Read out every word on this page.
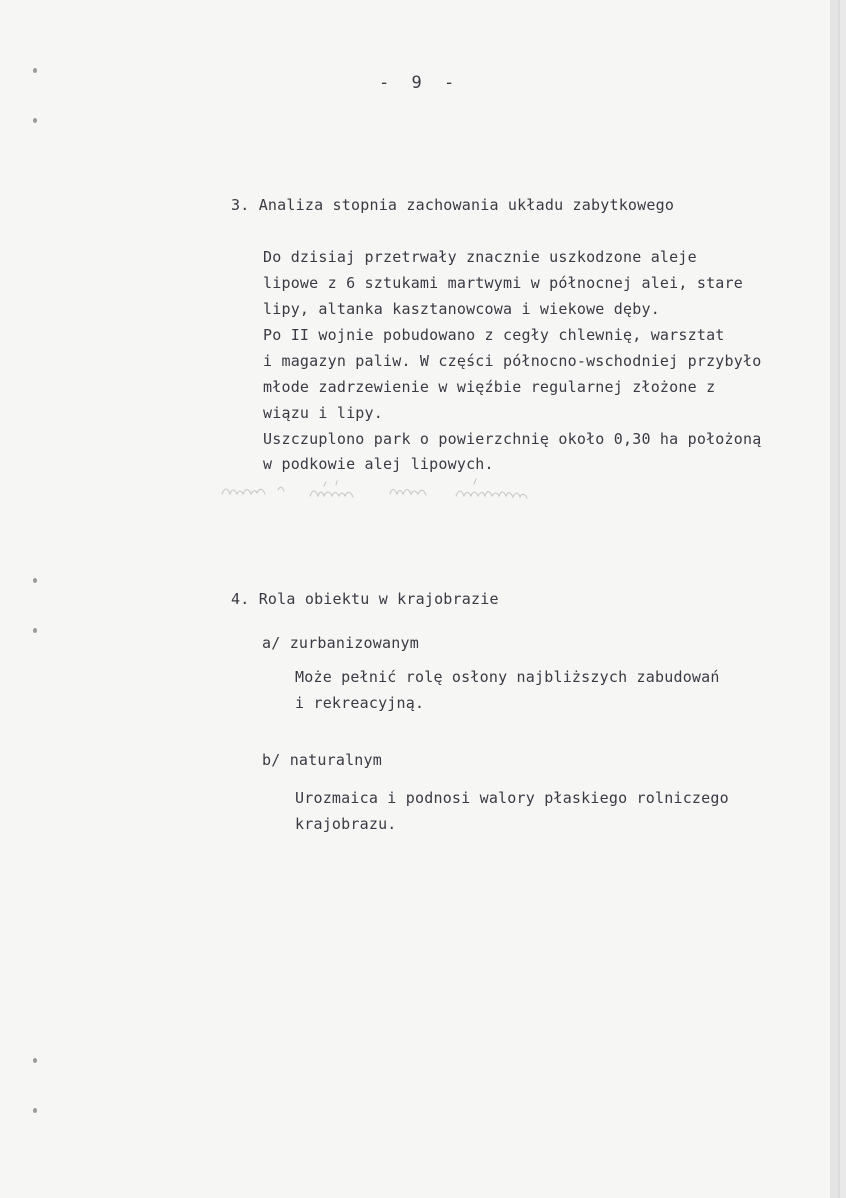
- 9 -
3. Analiza stopnia zachowania układu zabytkowego
Do dzisiaj przetrwały znacznie uszkodzone aleje
lipowe z 6 sztukami martwymi w północnej alei, stare
lipy, altanka kasztanowcowa i wiekowe dęby.
Po II wojnie pobudowano z cegły chlewnię, warsztat
i magazyn paliw. W części północno-wschodniej przybyło
młode zadrzewienie w więźbie regularnej złożone z
wiązu i lipy.
Uszczuplono park o powierzchnię około 0,30 ha położoną
w podkowie alej lipowych.
4. Rola obiektu w krajobrazie
a/ zurbanizowanym
Może pełnić rolę osłony najbliższych zabudowań
i rekreacyjną.
b/ naturalnym
Urozmaica i podnosi walory płaskiego rolniczego
krajobrazu.
